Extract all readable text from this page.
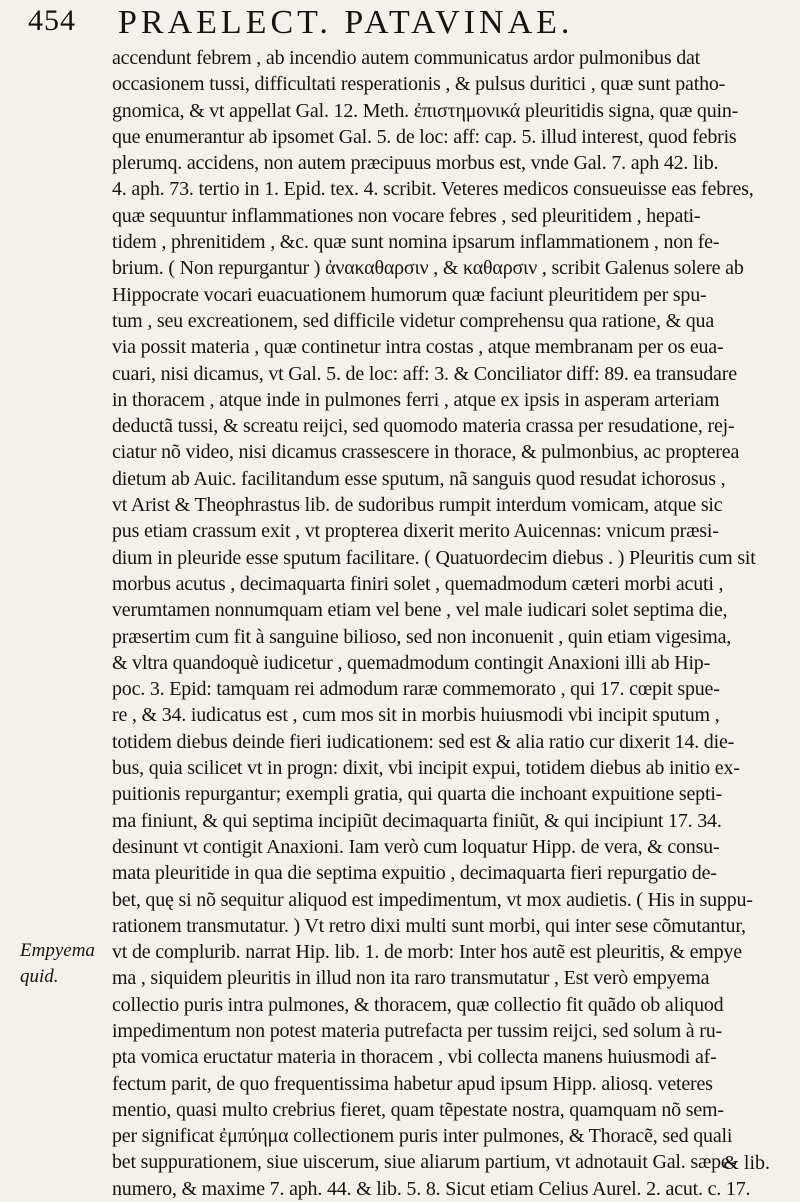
454 PRAELECT. PATAVINAE.
accendunt febrem , ab incendio autem communicatus ardor pulmonibus dat
occasionem tussi, difficultati resperationis , & pulsus duritici , quæ sunt patho-
gnomica, & vt appellat Gal. 12. Meth. ἐπιστημονικά pleuritidis signa, quæ quin-
que enumerantur ab ipsomet Gal. 5. de loc: aff: cap. 5. illud interest, quod febris
plerumq. accidens, non autem præcipuus morbus est, vnde Gal. 7. aph 42. lib.
4. aph. 73. tertio in 1. Epid. tex. 4. scribit. Veteres medicos consueuisse eas febres,
quæ sequuntur inflammationes non vocare febres , sed pleuritidem , hepati-
tidem , phrenitidem , &c. quæ sunt nomina ipsarum inflammationem , non fe-
brium. ( Non repurgantur ) ἀνακαθαρσιν , & καθαρσιν , scribit Galenus solere ab
Hippocrate vocari euacuationem humorum quæ faciunt pleuritidem per spu-
tum , seu excreationem, sed difficile videtur comprehensu qua ratione, & qua
via possit materia , quæ continetur intra costas , atque membranam per os eua-
cuari, nisi dicamus, vt Gal. 5. de loc: aff: 3. & Conciliator diff: 89. ea transudare
in thoracem , atque inde in pulmones ferri , atque ex ipsis in asperam arteriam
deductã tussi, & screatu reijci, sed quomodo materia crassa per resudatione, rej-
ciatur nõ video, nisi dicamus crassescere in thorace, & pulmonbius, ac propterea
dietum ab Auic. facilitandum esse sputum, nã sanguis quod resudat ichorosus ,
vt Arist & Theophrastus lib. de sudoribus rumpit interdum vomicam, atque sic
pus etiam crassum exit , vt propterea dixerit merito Auicennas: vnicum præsi-
dium in pleuride esse sputum facilitare. ( Quatuordecim diebus . ) Pleuritis cum sit
morbus acutus , decimaquarta finiri solet , quemadmodum cæteri morbi acuti ,
verumtamen nonnumquam etiam vel bene , vel male iudicari solet septima die,
præsertim cum fit à sanguine bilioso, sed non inconuenit , quin etiam vigesima,
& vltra quandoquè iudicetur , quemadmodum contingit Anaxioni illi ab Hip-
poc. 3. Epid: tamquam rei admodum raræ commemorato , qui 17. cœpit spue-
re , & 34. iudicatus est , cum mos sit in morbis huiusmodi vbi incipit sputum ,
totidem diebus deinde fieri iudicationem: sed est & alia ratio cur dixerit 14. die-
bus, quia scilicet vt in progn: dixit, vbi incipit expui, totidem diebus ab initio ex-
puitionis repurgantur; exempli gratia, qui quarta die inchoant expuitione septi-
ma finiunt, & qui septima incipiũt decimaquarta finiũt, & qui incipiunt 17. 34.
desinunt vt contigit Anaxioni. Iam verò cum loquatur Hipp. de vera, & consu-
mata pleuritide in qua die septima expuitio , decimaquarta fieri repurgatio de-
bet, quę si nõ sequitur aliquod est impedimentum, vt mox audietis. ( His in suppu-
rationem transmutatur. ) Vt retro dixi multi sunt morbi, qui inter sese cõmutantur,
vt de complurib. narrat Hip. lib. 1. de morb: Inter hos autẽ est pleuritis, & empye
ma , siquidem pleuritis in illud non ita raro transmutatur , Est verò empyema
collectio puris intra pulmones, & thoracem, quæ collectio fit quãdo ob aliquod
impedimentum non potest materia putrefacta per tussim reijci, sed solum à ru-
pta vomica eructatur materia in thoracem , vbi collecta manens huiusmodi af-
fectum parit, de quo frequentissima habetur apud ipsum Hipp. aliosq. veteres
mentio, quasi multo crebrius fieret, quam tẽpestate nostra, quamquam nõ sem-
per significat ἐμπύημα collectionem puris inter pulmones, & Thoracẽ, sed quali
bet suppurationem, siue uiscerum, siue aliarum partium, vt adnotauit Gal. sæpe-
numero, & maxime 7. aph. 44. & lib. 5. 8. Sicut etiam Celius Aurel. 2. acut. c. 17.
Empyema
quid.
& lib.
